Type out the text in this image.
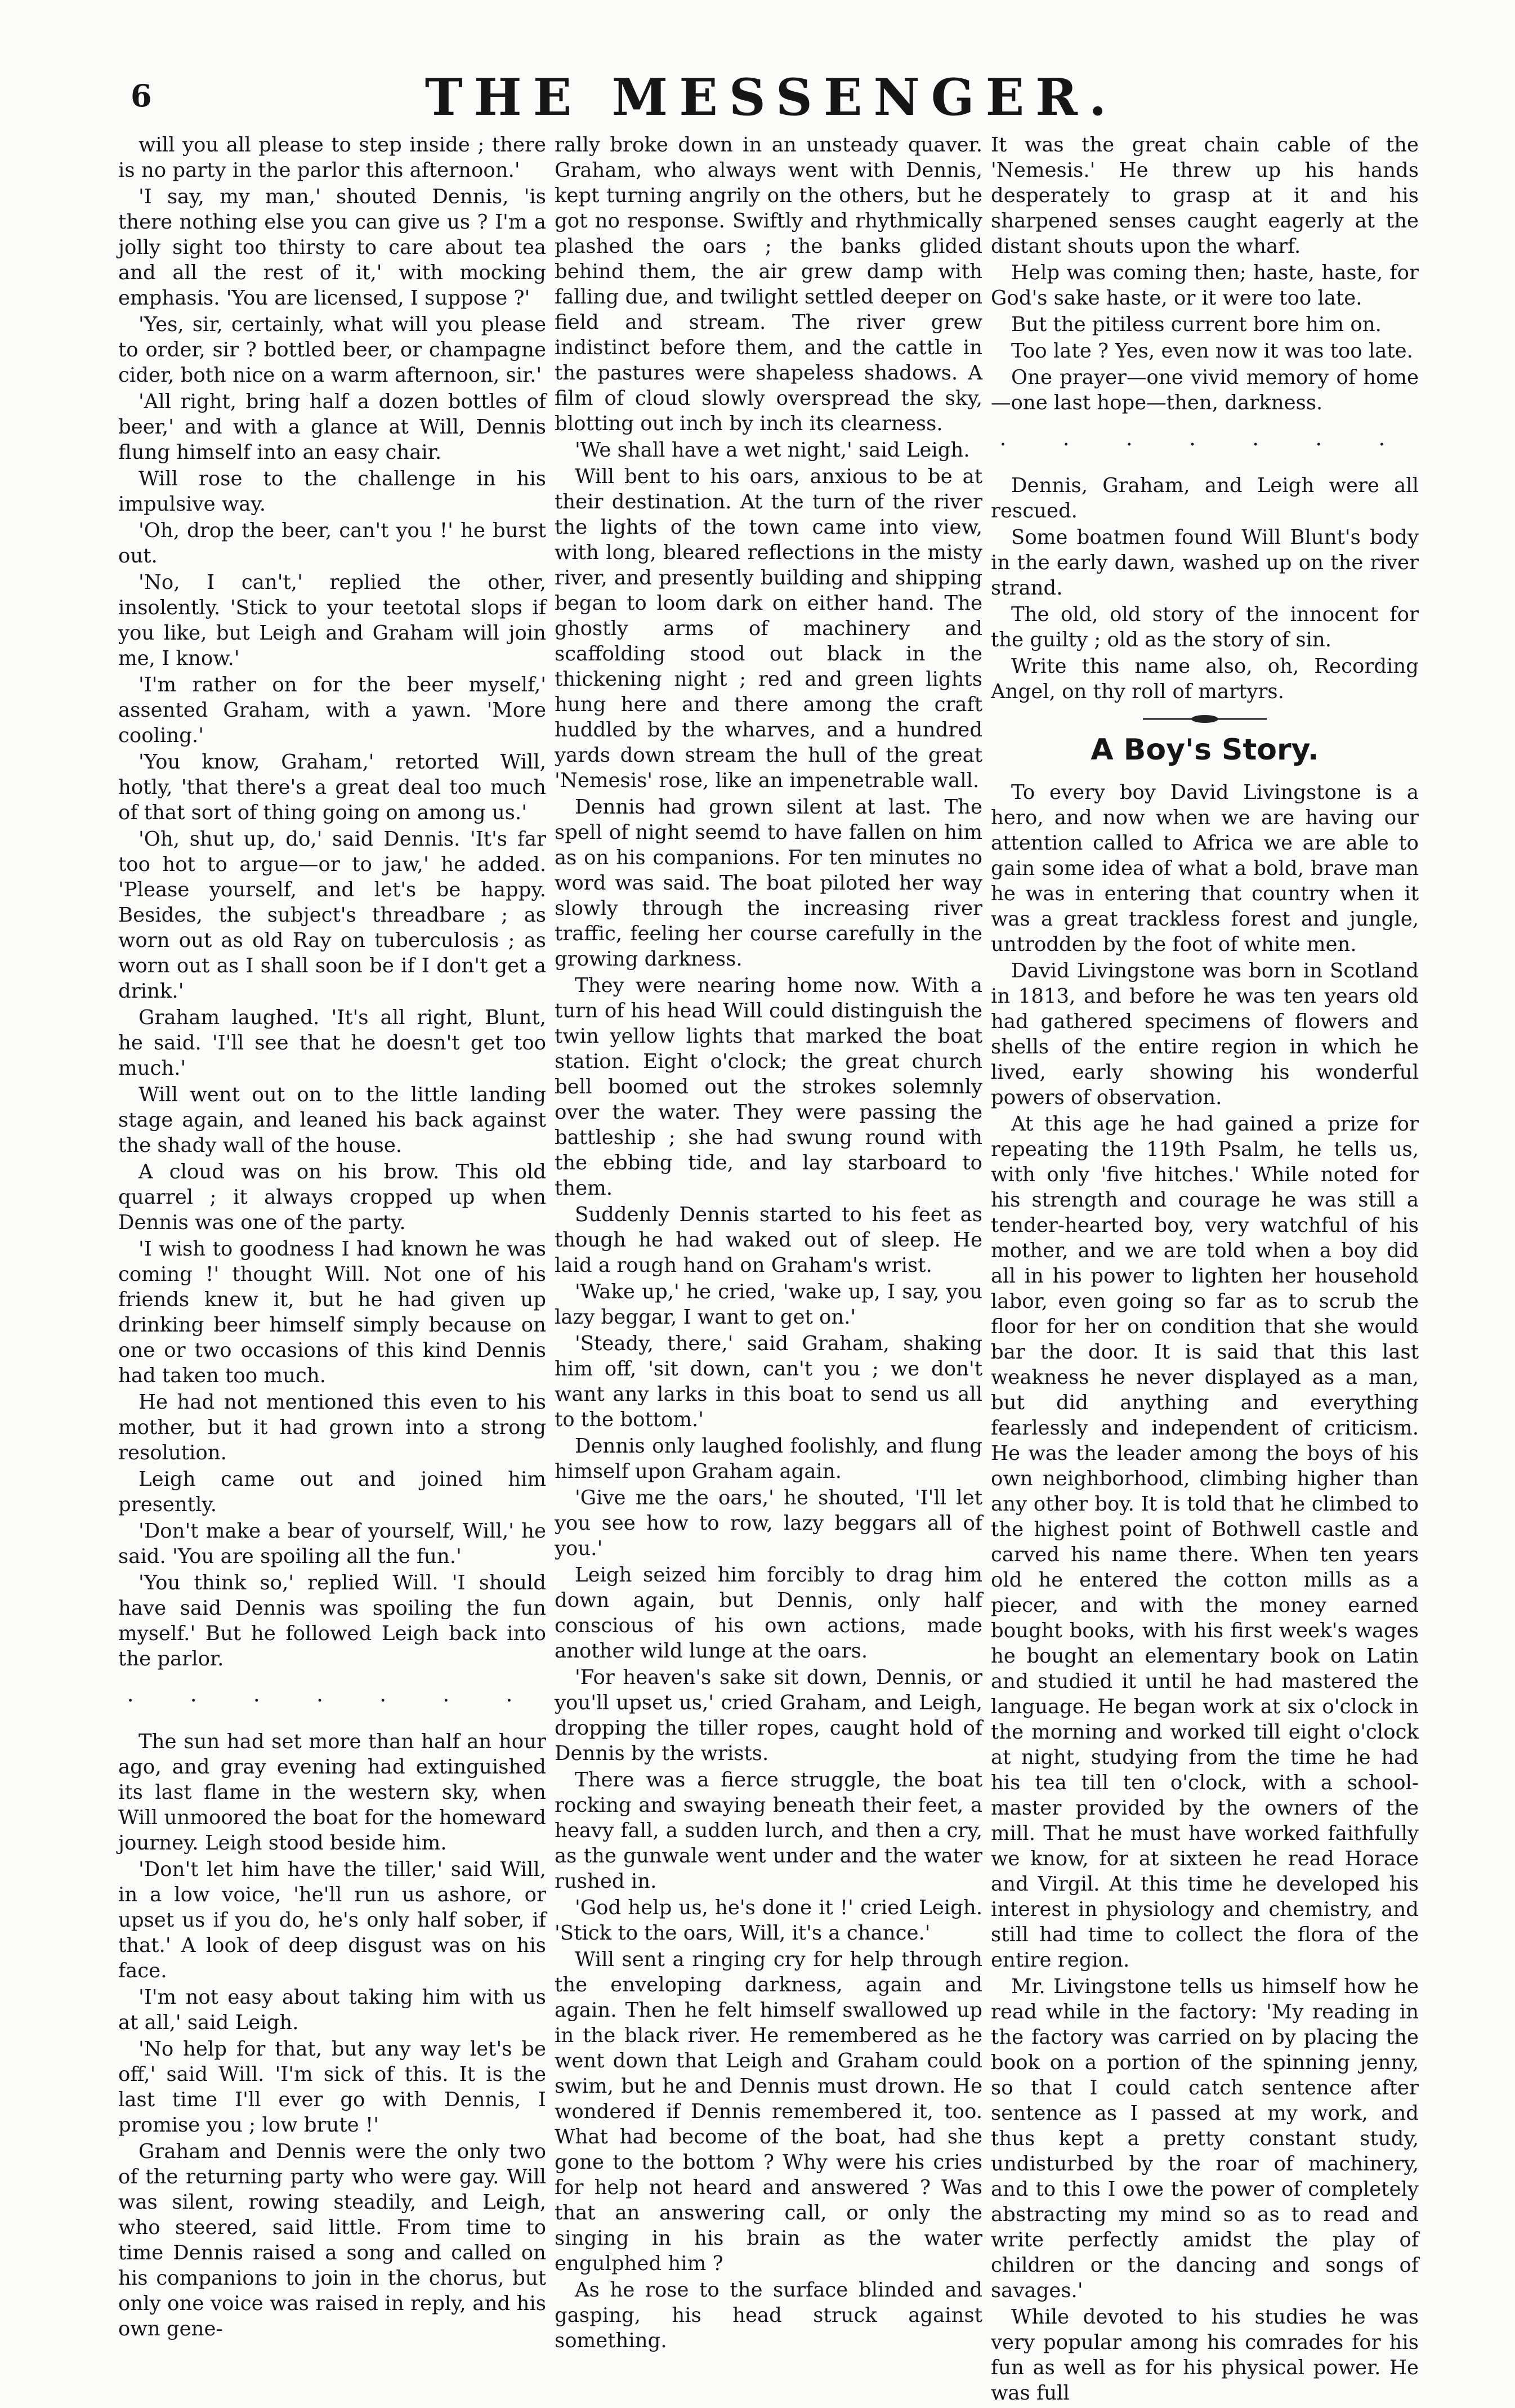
6	THE MESSENGER.

will you all please to step inside ; there is no party in the parlor this afternoon.'

'I say, my man,' shouted Dennis, 'is there nothing else you can give us ? I'm a jolly sight too thirsty to care about tea and all the rest of it,' with mocking emphasis. 'You are licensed, I suppose ?'

'Yes, sir, certainly, what will you please to order, sir ? bottled beer, or champagne cider, both nice on a warm afternoon, sir.'

'All right, bring half a dozen bottles of beer,' and with a glance at Will, Dennis flung himself into an easy chair.

Will rose to the challenge in his impulsive way.

'Oh, drop the beer, can't you !' he burst out.

'No, I can't,' replied the other, insolently. 'Stick to your teetotal slops if you like, but Leigh and Graham will join me, I know.'

'I'm rather on for the beer myself,' assented Graham, with a yawn. 'More cooling.'

'You know, Graham,' retorted Will, hotly, 'that there's a great deal too much of that sort of thing going on among us.'

'Oh, shut up, do,' said Dennis. 'It's far too hot to argue—or to jaw,' he added. 'Please yourself, and let's be happy. Besides, the subject's threadbare ; as worn out as old Ray on tuberculosis ; as worn out as I shall soon be if I don't get a drink.'

Graham laughed. 'It's all right, Blunt, he said. 'I'll see that he doesn't get too much.'

Will went out on to the little landing stage again, and leaned his back against the shady wall of the house.

A cloud was on his brow. This old quarrel ; it always cropped up when Dennis was one of the party.

'I wish to goodness I had known he was coming !' thought Will. Not one of his friends knew it, but he had given up drinking beer himself simply because on one or two occasions of this kind Dennis had taken too much.

He had not mentioned this even to his mother, but it had grown into a strong resolution.

Leigh came out and joined him presently.

'Don't make a bear of yourself, Will,' he said. 'You are spoiling all the fun.'

'You think so,' replied Will. 'I should have said Dennis was spoiling the fun myself.' But he followed Leigh back into the parlor.

. . . . . . .

The sun had set more than half an hour ago, and gray evening had extinguished its last flame in the western sky, when Will unmoored the boat for the homeward journey. Leigh stood beside him.

'Don't let him have the tiller,' said Will, in a low voice, 'he'll run us ashore, or upset us if you do, he's only half sober, if that.' A look of deep disgust was on his face.

'I'm not easy about taking him with us at all,' said Leigh.

'No help for that, but any way let's be off,' said Will. 'I'm sick of this. It is the last time I'll ever go with Dennis, I promise you ; low brute !'

Graham and Dennis were the only two of the returning party who were gay. Will was silent, rowing steadily, and Leigh, who steered, said little. From time to time Dennis raised a song and called on his companions to join in the chorus, but only one voice was raised in reply, and his own gene-

rally broke down in an unsteady quaver. Graham, who always went with Dennis, kept turning angrily on the others, but he got no response. Swiftly and rhythmically plashed the oars ; the banks glided behind them, the air grew damp with falling due, and twilight settled deeper on field and stream. The river grew indistinct before them, and the cattle in the pastures were shapeless shadows. A film of cloud slowly overspread the sky, blotting out inch by inch its clearness.

'We shall have a wet night,' said Leigh.

Will bent to his oars, anxious to be at their destination. At the turn of the river the lights of the town came into view, with long, bleared reflections in the misty river, and presently building and shipping began to loom dark on either hand. The ghostly arms of machinery and scaffolding stood out black in the thickening night ; red and green lights hung here and there among the craft huddled by the wharves, and a hundred yards down stream the hull of the great 'Nemesis' rose, like an impenetrable wall.

Dennis had grown silent at last. The spell of night seemd to have fallen on him as on his companions. For ten minutes no word was said. The boat piloted her way slowly through the increasing river traffic, feeling her course carefully in the growing darkness.

They were nearing home now. With a turn of his head Will could distinguish the twin yellow lights that marked the boat station. Eight o'clock; the great church bell boomed out the strokes solemnly over the water. They were passing the battleship ; she had swung round with the ebbing tide, and lay starboard to them.

Suddenly Dennis started to his feet as though he had waked out of sleep. He laid a rough hand on Graham's wrist.

'Wake up,' he cried, 'wake up, I say, you lazy beggar, I want to get on.'

'Steady, there,' said Graham, shaking him off, 'sit down, can't you ; we don't want any larks in this boat to send us all to the bottom.'

Dennis only laughed foolishly, and flung himself upon Graham again.

'Give me the oars,' he shouted, 'I'll let you see how to row, lazy beggars all of you.'

Leigh seized him forcibly to drag him down again, but Dennis, only half conscious of his own actions, made another wild lunge at the oars.

'For heaven's sake sit down, Dennis, or you'll upset us,' cried Graham, and Leigh, dropping the tiller ropes, caught hold of Dennis by the wrists.

There was a fierce struggle, the boat rocking and swaying beneath their feet, a heavy fall, a sudden lurch, and then a cry, as the gunwale went under and the water rushed in.

'God help us, he's done it !' cried Leigh. 'Stick to the oars, Will, it's a chance.'

Will sent a ringing cry for help through the enveloping darkness, again and again. Then he felt himself swallowed up in the black river. He remembered as he went down that Leigh and Graham could swim, but he and Dennis must drown. He wondered if Dennis remembered it, too. What had become of the boat, had she gone to the bottom ? Why were his cries for help not heard and answered ? Was that an answering call, or only the singing in his brain as the water engulphed him ?

As he rose to the surface blinded and gasping, his head struck against something.

It was the great chain cable of the 'Nemesis.' He threw up his hands desperately to grasp at it and his sharpened senses caught eagerly at the distant shouts upon the wharf.

Help was coming then; haste, haste, for God's sake haste, or it were too late.

But the pitiless current bore him on.

Too late ? Yes, even now it was too late.

One prayer—one vivid memory of home—one last hope—then, darkness.

. . . . . . .

Dennis, Graham, and Leigh were all rescued.

Some boatmen found Will Blunt's body in the early dawn, washed up on the river strand.

The old, old story of the innocent for the guilty ; old as the story of sin.

Write this name also, oh, Recording Angel, on thy roll of martyrs.

A Boy's Story.

To every boy David Livingstone is a hero, and now when we are having our attention called to Africa we are able to gain some idea of what a bold, brave man he was in entering that country when it was a great trackless forest and jungle, untrodden by the foot of white men.

David Livingstone was born in Scotland in 1813, and before he was ten years old had gathered specimens of flowers and shells of the entire region in which he lived, early showing his wonderful powers of observation.

At this age he had gained a prize for repeating the 119th Psalm, he tells us, with only 'five hitches.' While noted for his strength and courage he was still a tender-hearted boy, very watchful of his mother, and we are told when a boy did all in his power to lighten her household labor, even going so far as to scrub the floor for her on condition that she would bar the door. It is said that this last weakness he never displayed as a man, but did anything and everything fearlessly and independent of criticism. He was the leader among the boys of his own neighborhood, climbing higher than any other boy. It is told that he climbed to the highest point of Bothwell castle and carved his name there. When ten years old he entered the cotton mills as a piecer, and with the money earned bought books, with his first week's wages he bought an elementary book on Latin and studied it until he had mastered the language. He began work at six o'clock in the morning and worked till eight o'clock at night, studying from the time he had his tea till ten o'clock, with a school-master provided by the owners of the mill. That he must have worked faithfully we know, for at sixteen he read Horace and Virgil. At this time he developed his interest in physiology and chemistry, and still had time to collect the flora of the entire region.

Mr. Livingstone tells us himself how he read while in the factory: 'My reading in the factory was carried on by placing the book on a portion of the spinning jenny, so that I could catch sentence after sentence as I passed at my work, and thus kept a pretty constant study, undisturbed by the roar of machinery, and to this I owe the power of completely abstracting my mind so as to read and write perfectly amidst the play of children or the dancing and songs of savages.'

While devoted to his studies he was very popular among his comrades for his fun as well as for his physical power. He was full
